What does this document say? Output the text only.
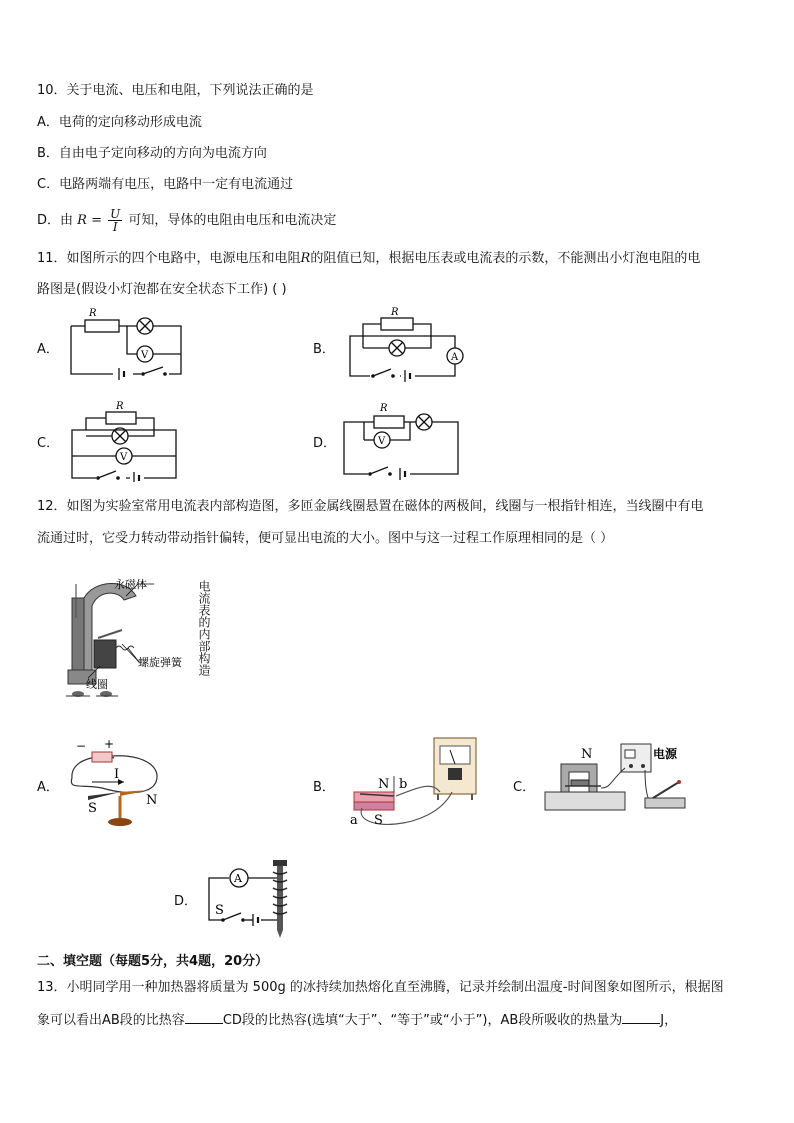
10．关于电流、电压和电阻，下列说法正确的是
A．电荷的定向移动形成电流
B．自由电子定向移动的方向为电流方向
C．电路两端有电压，电路中一定有电流通过
D．由 $R = \frac{U}{I}$ 可知，导体的电阻由电压和电流决定
11．如图所示的四个电路中，电源电压和电阻R的阻值已知，根据电压表或电流表的示数，不能测出小灯泡电阻的电
路图是(假设小灯泡都在安全状态下工作) ( )
A．	B．
C．	D．
R
V
R
A
R
V
R
V
12．如图为实验室常用电流表内部构造图，多匝金属线圈悬置在磁体的两极间，线圈与一根指针相连，当线圈中有电
流通过时，它受力转动带动指针偏转，便可显出电流的大小。图中与这一过程工作原理相同的是（ ）
永磁体
螺旋弹簧
线圈
电流表的内部构造
A．	B．	C．
D．
− +
I
S
N
N b
a S
N	电源
A
S
二、填空题（每题5分，共4题，20分）
13．小明同学用一种加热器将质量为 500g 的冰持续加热熔化直至沸腾，记录并绘制出温度-时间图象如图所示，根据图
象可以看出AB段的比热容	CD段的比热容(选填“大于”、“等于”或“小于”)，AB段所吸收的热量为	J，
